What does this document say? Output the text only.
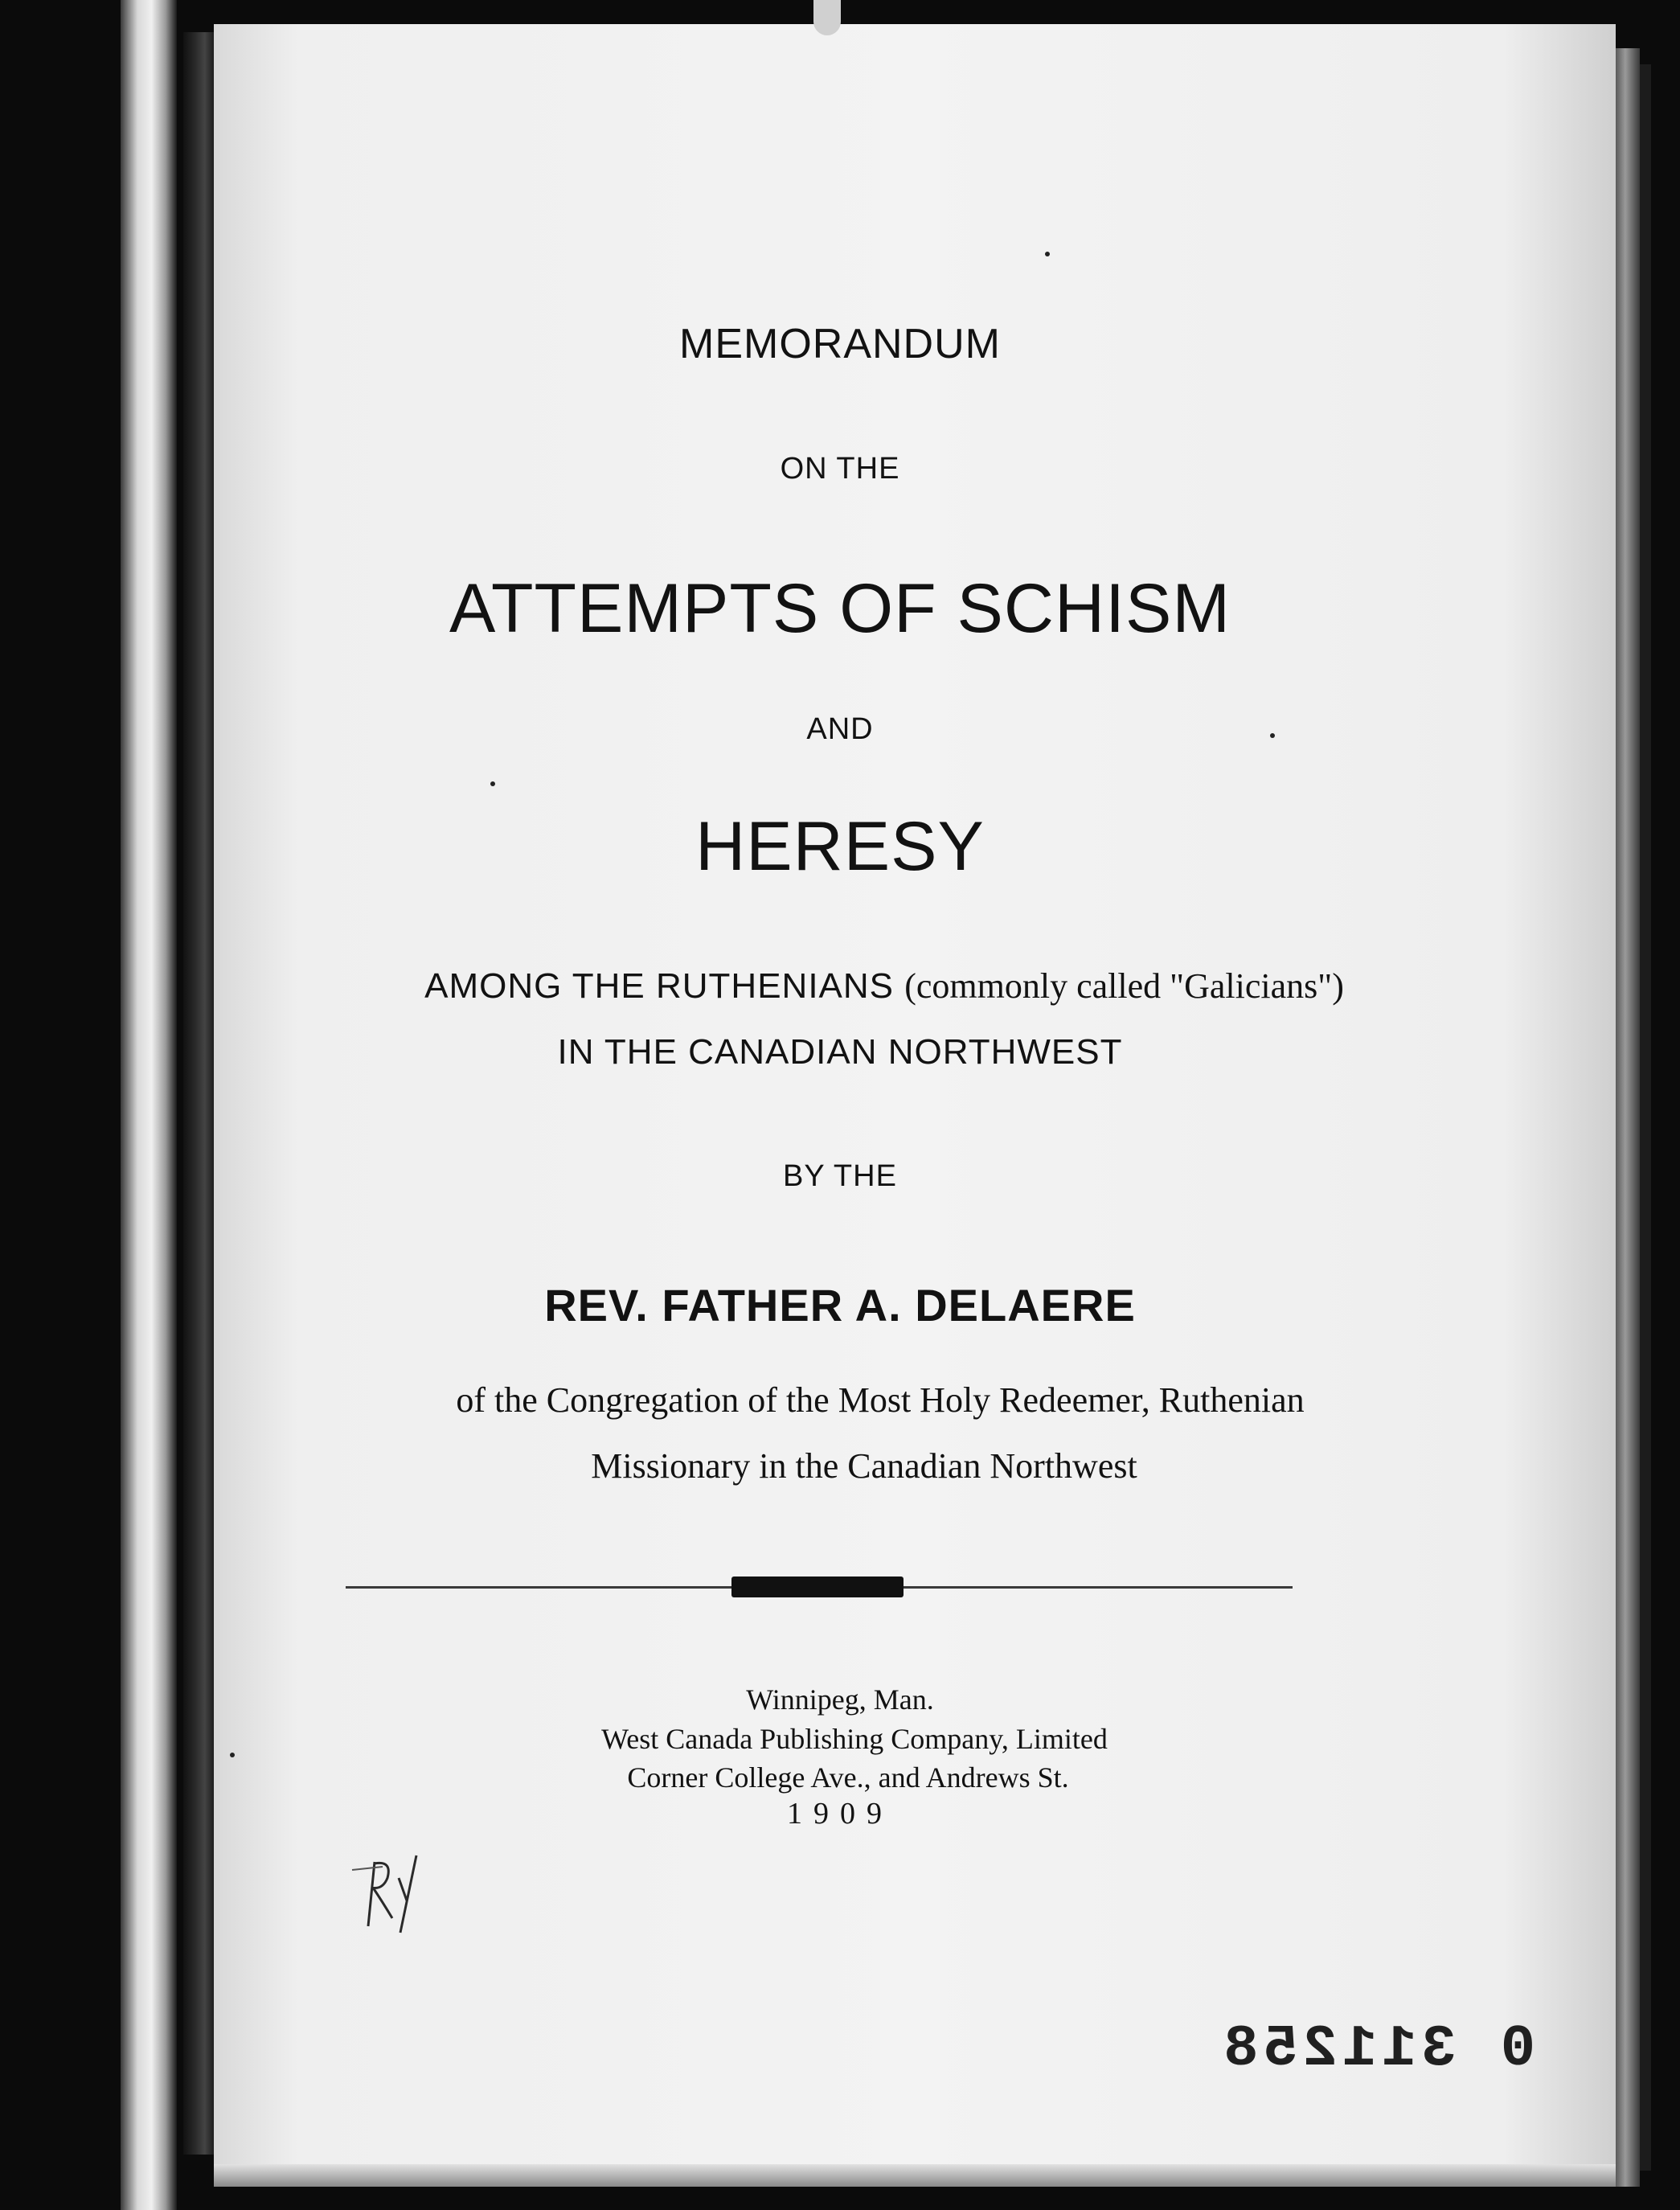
MEMORANDUM
ON THE
ATTEMPTS OF SCHISM
AND
HERESY
AMONG THE RUTHENIANS (commonly called "Galicians")
IN THE CANADIAN NORTHWEST
BY THE
REV. FATHER A. DELAERE
of the Congregation of the Most Holy Redeemer, Ruthenian
Missionary in the Canadian Northwest
Winnipeg, Man.
West Canada Publishing Company, Limited
Corner College Ave., and Andrews St.
1909
0 311258
